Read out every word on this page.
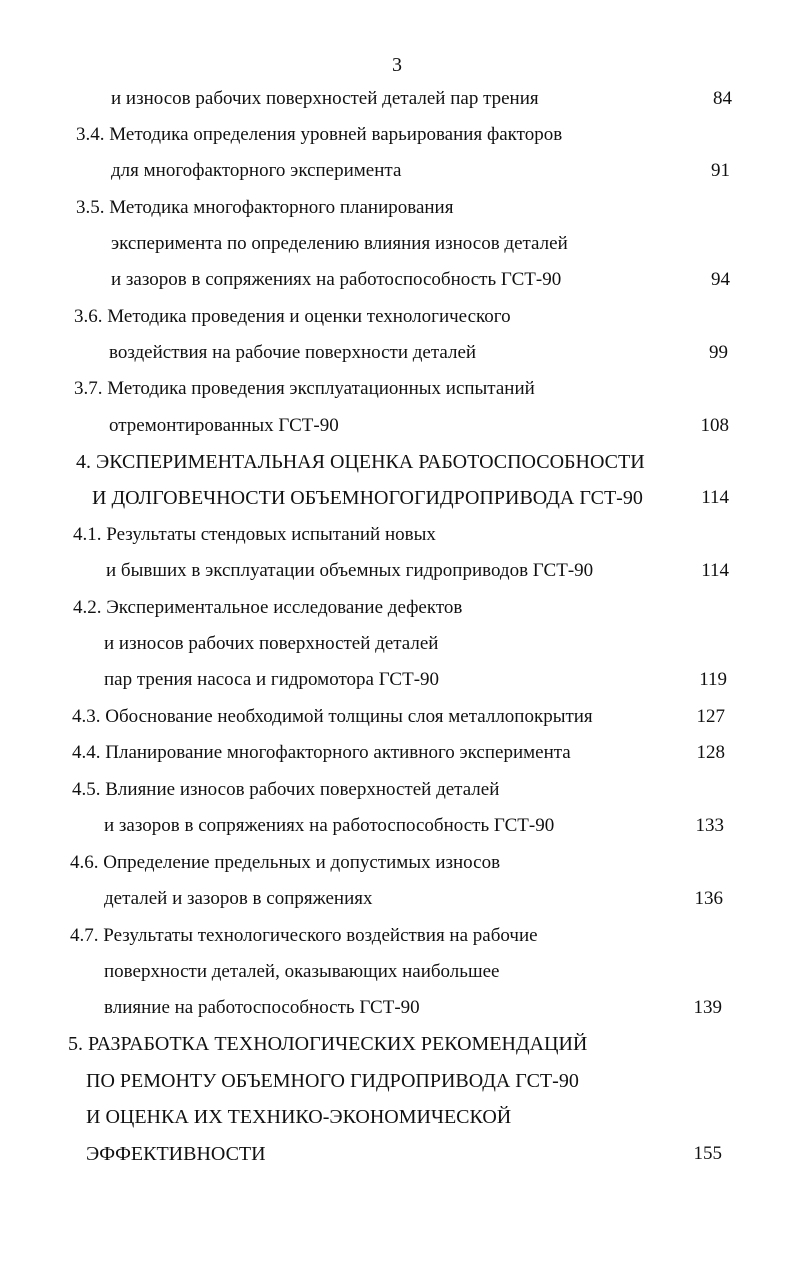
3
и износов рабочих поверхностей деталей пар трения	84
3.4. Методика определения уровней варьирования факторов
для многофакторного эксперимента	91
3.5. Методика многофакторного планирования
эксперимента по определению влияния износов деталей
и зазоров в сопряжениях на работоспособность ГСТ-90	94
3.6. Методика проведения и оценки технологического
воздействия на рабочие поверхности деталей	99
3.7. Методика проведения эксплуатационных испытаний
отремонтированных ГСТ-90	108
4. ЭКСПЕРИМЕНТАЛЬНАЯ ОЦЕНКА РАБОТОСПОСОБНОСТИ
И ДОЛГОВЕЧНОСТИ ОБЪЕМНОГОГИДРОПРИВОДА ГСТ-90	114
4.1. Результаты стендовых испытаний новых
и бывших в эксплуатации объемных гидроприводов ГСТ-90	114
4.2. Экспериментальное исследование дефектов
и износов рабочих поверхностей деталей
пар трения насоса и гидромотора ГСТ-90	119
4.3. Обоснование необходимой толщины слоя металлопокрытия	127
4.4. Планирование многофакторного активного эксперимента	128
4.5. Влияние износов рабочих поверхностей деталей
и зазоров в сопряжениях на работоспособность ГСТ-90	133
4.6. Определение предельных и допустимых износов
деталей и зазоров в сопряжениях	136
4.7. Результаты технологического воздействия на рабочие
поверхности деталей, оказывающих наибольшее
влияние на работоспособность ГСТ-90	139
5. РАЗРАБОТКА ТЕХНОЛОГИЧЕСКИХ РЕКОМЕНДАЦИЙ
ПО РЕМОНТУ ОБЪЕМНОГО ГИДРОПРИВОДА ГСТ-90
И ОЦЕНКА ИХ ТЕХНИКО-ЭКОНОМИЧЕСКОЙ
ЭФФЕКТИВНОСТИ	155
